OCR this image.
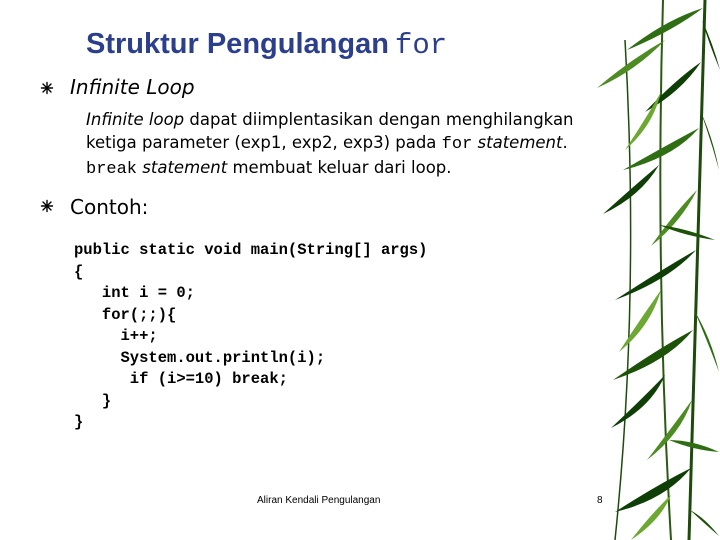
Struktur Pengulangan for
Infinite Loop
Infinite loop dapat diimplentasikan dengan menghilangkan ketiga parameter (exp1, exp2, exp3) pada for statement.
break statement membuat keluar dari loop.
Contoh:
public static void main(String[] args)
{
int i = 0;
for(;;){
i++;
System.out.println(i);
if (i>=10) break;
}
}
Aliran Kendali Pengulangan	8
